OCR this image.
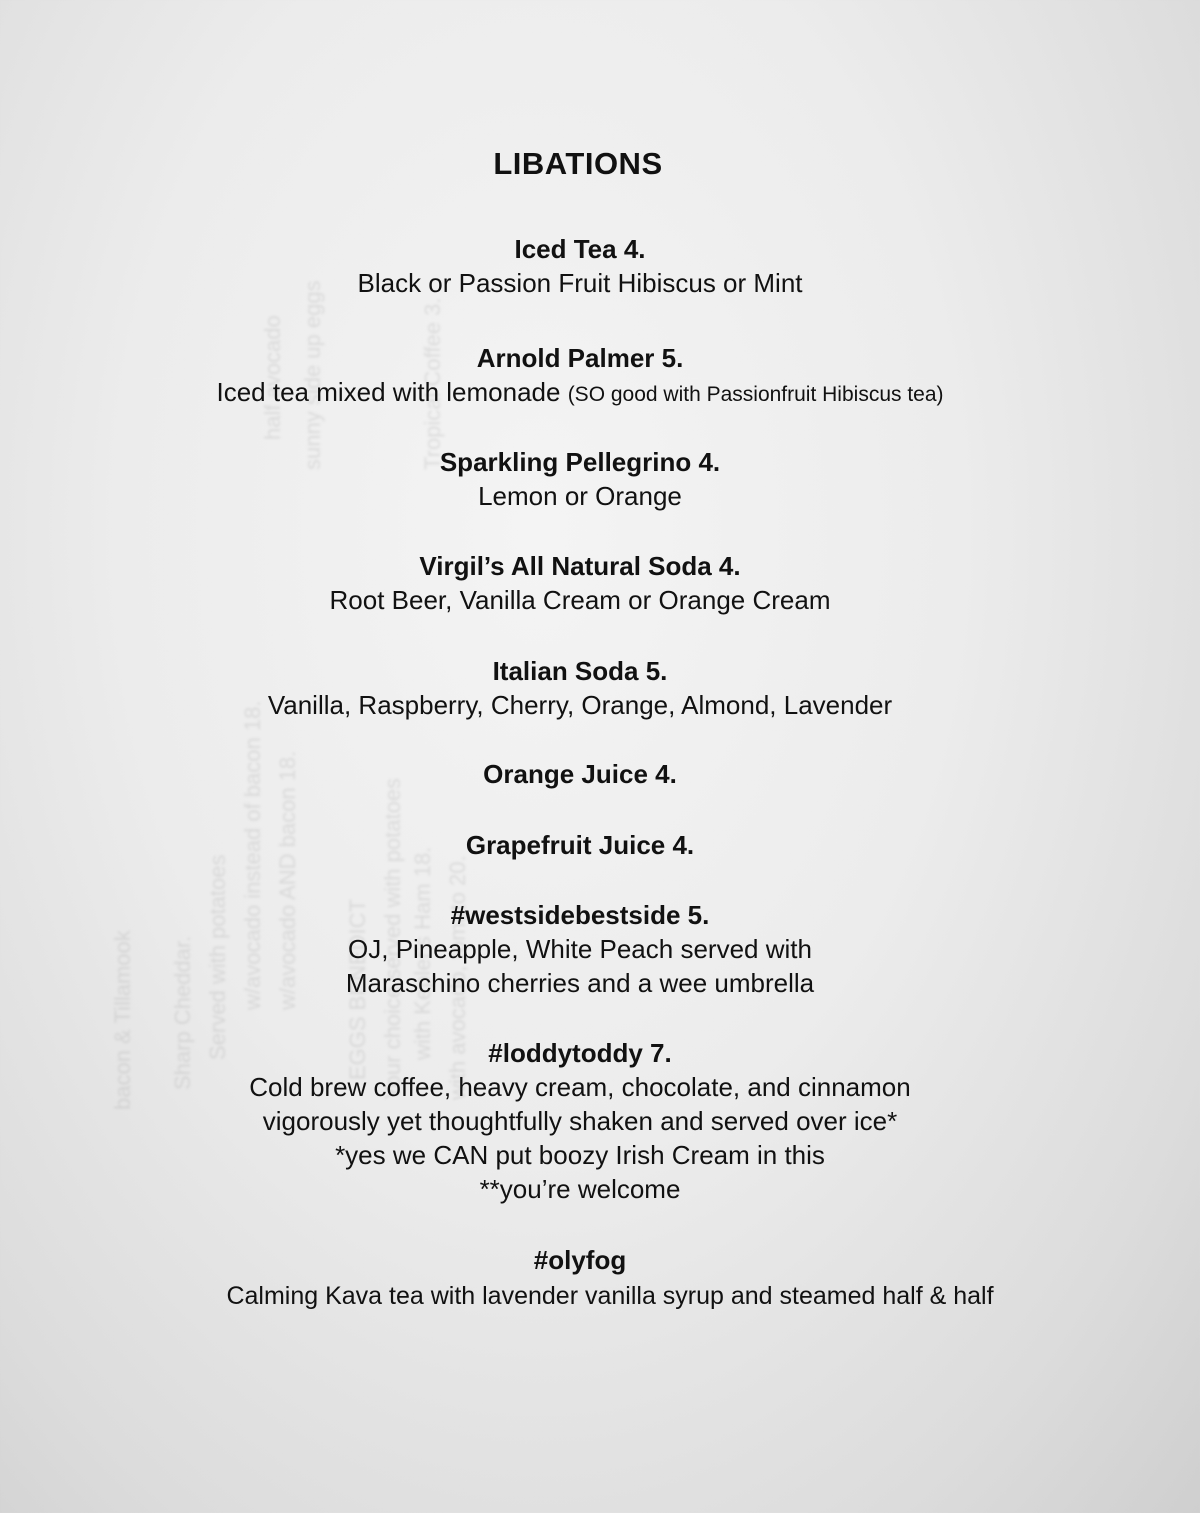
Sharp Cheddar. Served with potatoes w/avocado instead of bacon 18. w/avocado AND bacon 18. EGGS BENEDICT Your choice served with potatoes with Kepler's Ham 18. with avocado, tomato 20.
bacon & Tillamook
sunny side up eggs
half avocado	Tropical Coffee 3.
LIBATIONS
Iced Tea 4.
Black or Passion Fruit Hibiscus or Mint
Arnold Palmer 5.
Iced tea mixed with lemonade (SO good with Passionfruit Hibiscus tea)
Sparkling Pellegrino 4.
Lemon or Orange
Virgil’s All Natural Soda 4.
Root Beer, Vanilla Cream or Orange Cream
Italian Soda 5.
Vanilla, Raspberry, Cherry, Orange, Almond, Lavender
Orange Juice 4.
Grapefruit Juice 4.
#westsidebestside 5.
OJ, Pineapple, White Peach served with
Maraschino cherries and a wee umbrella
#loddytoddy 7.
Cold brew coffee, heavy cream, chocolate, and cinnamon
vigorously yet thoughtfully shaken and served over ice*
*yes we CAN put boozy Irish Cream in this
**you’re welcome
#olyfog
Calming Kava tea with lavender vanilla syrup and steamed half & half
